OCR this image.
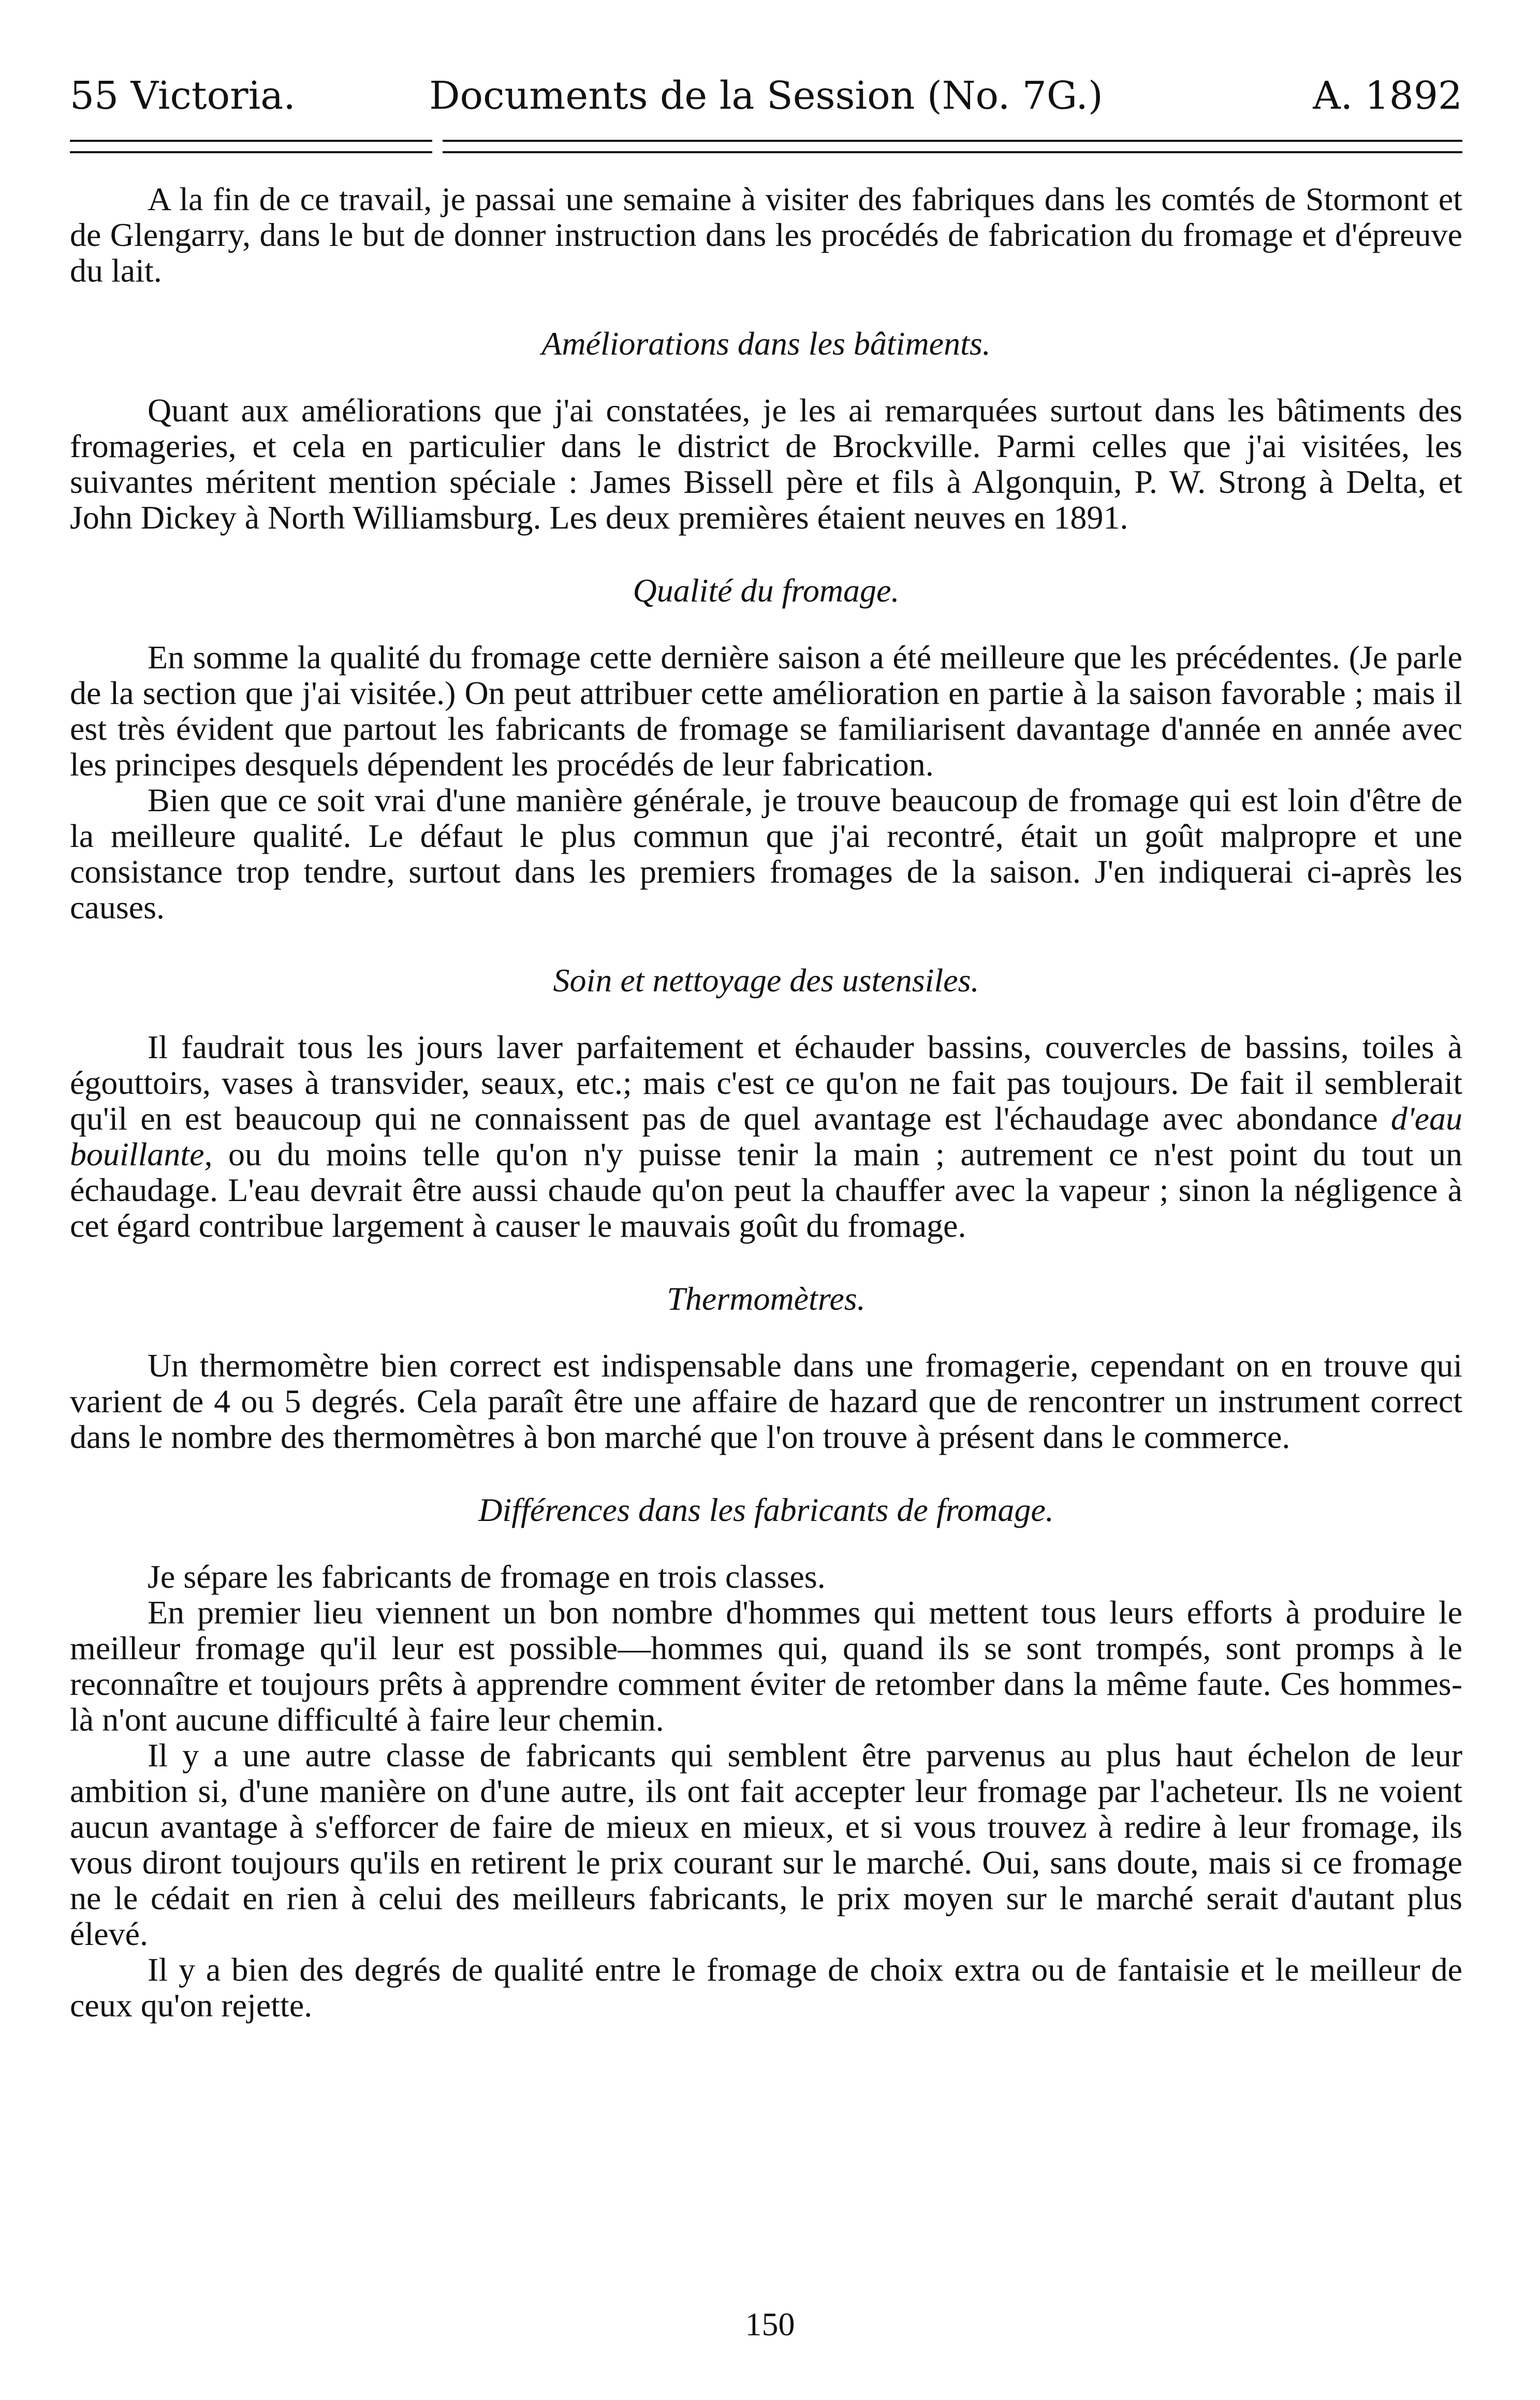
55 Victoria.	Documents de la Session (No. 7G.)	A. 1892

A la fin de ce travail, je passai une semaine à visiter des fabriques dans les comtés de Stormont et de Glengarry, dans le but de donner instruction dans les procédés de fabrication du fromage et d'épreuve du lait.

Améliorations dans les bâtiments.

Quant aux améliorations que j'ai constatées, je les ai remarquées surtout dans les bâtiments des fromageries, et cela en particulier dans le district de Brockville. Parmi celles que j'ai visitées, les suivantes méritent mention spéciale : James Bissell père et fils à Algonquin, P. W. Strong à Delta, et John Dickey à North Williamsburg. Les deux premières étaient neuves en 1891.

Qualité du fromage.

En somme la qualité du fromage cette dernière saison a été meilleure que les précédentes. (Je parle de la section que j'ai visitée.) On peut attribuer cette amélioration en partie à la saison favorable ; mais il est très évident que partout les fabricants de fromage se familiarisent davantage d'année en année avec les principes desquels dépendent les procédés de leur fabrication.

Bien que ce soit vrai d'une manière générale, je trouve beaucoup de fromage qui est loin d'être de la meilleure qualité. Le défaut le plus commun que j'ai recontré, était un goût malpropre et une consistance trop tendre, surtout dans les premiers fromages de la saison. J'en indiquerai ci-après les causes.

Soin et nettoyage des ustensiles.

Il faudrait tous les jours laver parfaitement et échauder bassins, couvercles de bassins, toiles à égouttoirs, vases à transvider, seaux, etc.; mais c'est ce qu'on ne fait pas toujours. De fait il semblerait qu'il en est beaucoup qui ne connaissent pas de quel avantage est l'échaudage avec abondance d'eau bouillante, ou du moins telle qu'on n'y puisse tenir la main ; autrement ce n'est point du tout un échaudage. L'eau devrait être aussi chaude qu'on peut la chauffer avec la vapeur ; sinon la négligence à cet égard contribue largement à causer le mauvais goût du fromage.

Thermomètres.

Un thermomètre bien correct est indispensable dans une fromagerie, cependant on en trouve qui varient de 4 ou 5 degrés. Cela paraît être une affaire de hazard que de rencontrer un instrument correct dans le nombre des thermomètres à bon marché que l'on trouve à présent dans le commerce.

Différences dans les fabricants de fromage.

Je sépare les fabricants de fromage en trois classes.

En premier lieu viennent un bon nombre d'hommes qui mettent tous leurs efforts à produire le meilleur fromage qu'il leur est possible—hommes qui, quand ils se sont trompés, sont promps à le reconnaître et toujours prêts à apprendre comment éviter de retomber dans la même faute. Ces hommes-là n'ont aucune difficulté à faire leur chemin.

Il y a une autre classe de fabricants qui semblent être parvenus au plus haut échelon de leur ambition si, d'une manière on d'une autre, ils ont fait accepter leur fromage par l'acheteur. Ils ne voient aucun avantage à s'efforcer de faire de mieux en mieux, et si vous trouvez à redire à leur fromage, ils vous diront toujours qu'ils en retirent le prix courant sur le marché. Oui, sans doute, mais si ce fromage ne le cédait en rien à celui des meilleurs fabricants, le prix moyen sur le marché serait d'autant plus élevé.

Il y a bien des degrés de qualité entre le fromage de choix extra ou de fantaisie et le meilleur de ceux qu'on rejette.

150
